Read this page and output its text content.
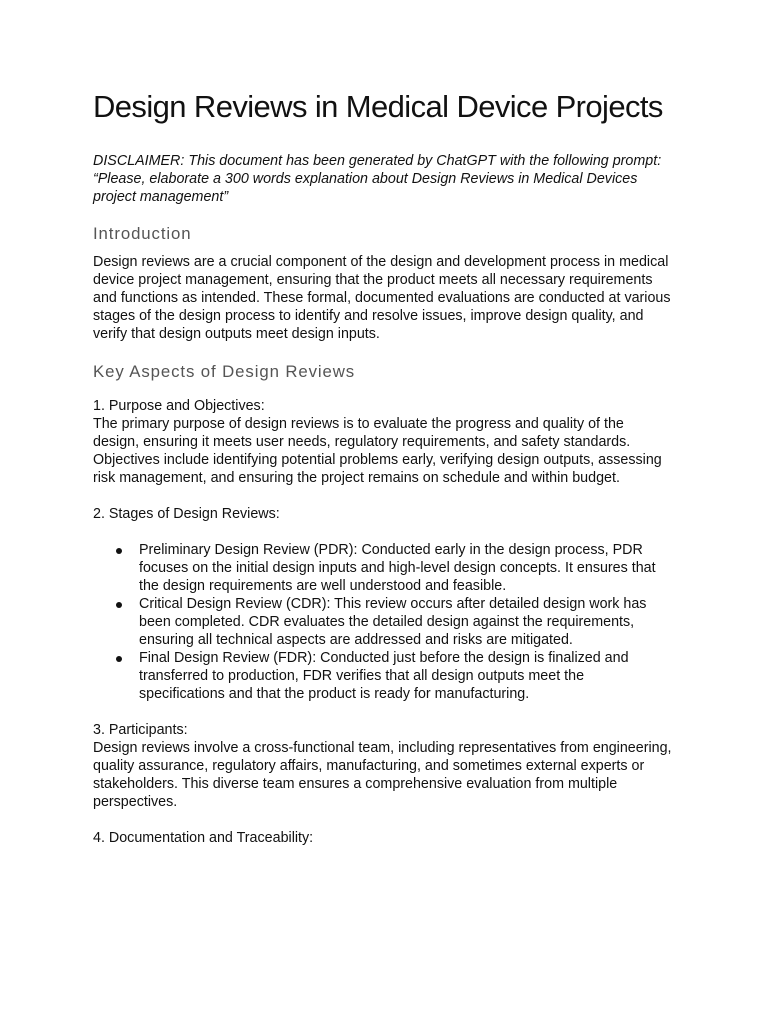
Design Reviews in Medical Device Projects

DISCLAIMER: This document has been generated by ChatGPT with the following prompt: “Please, elaborate a 300 words explanation about Design Reviews in Medical Devices project management”

Introduction

Design reviews are a crucial component of the design and development process in medical device project management, ensuring that the product meets all necessary requirements and functions as intended. These formal, documented evaluations are conducted at various stages of the design process to identify and resolve issues, improve design quality, and verify that design outputs meet design inputs.

Key Aspects of Design Reviews

1. Purpose and Objectives:

The primary purpose of design reviews is to evaluate the progress and quality of the design, ensuring it meets user needs, regulatory requirements, and safety standards. Objectives include identifying potential problems early, verifying design outputs, assessing risk management, and ensuring the project remains on schedule and within budget.

2. Stages of Design Reviews:

Preliminary Design Review (PDR): Conducted early in the design process, PDR focuses on the initial design inputs and high-level design concepts. It ensures that the design requirements are well understood and feasible.
Critical Design Review (CDR): This review occurs after detailed design work has been completed. CDR evaluates the detailed design against the requirements, ensuring all technical aspects are addressed and risks are mitigated.
Final Design Review (FDR): Conducted just before the design is finalized and transferred to production, FDR verifies that all design outputs meet the specifications and that the product is ready for manufacturing.

3. Participants:

Design reviews involve a cross-functional team, including representatives from engineering, quality assurance, regulatory affairs, manufacturing, and sometimes external experts or stakeholders. This diverse team ensures a comprehensive evaluation from multiple perspectives.

4. Documentation and Traceability:
